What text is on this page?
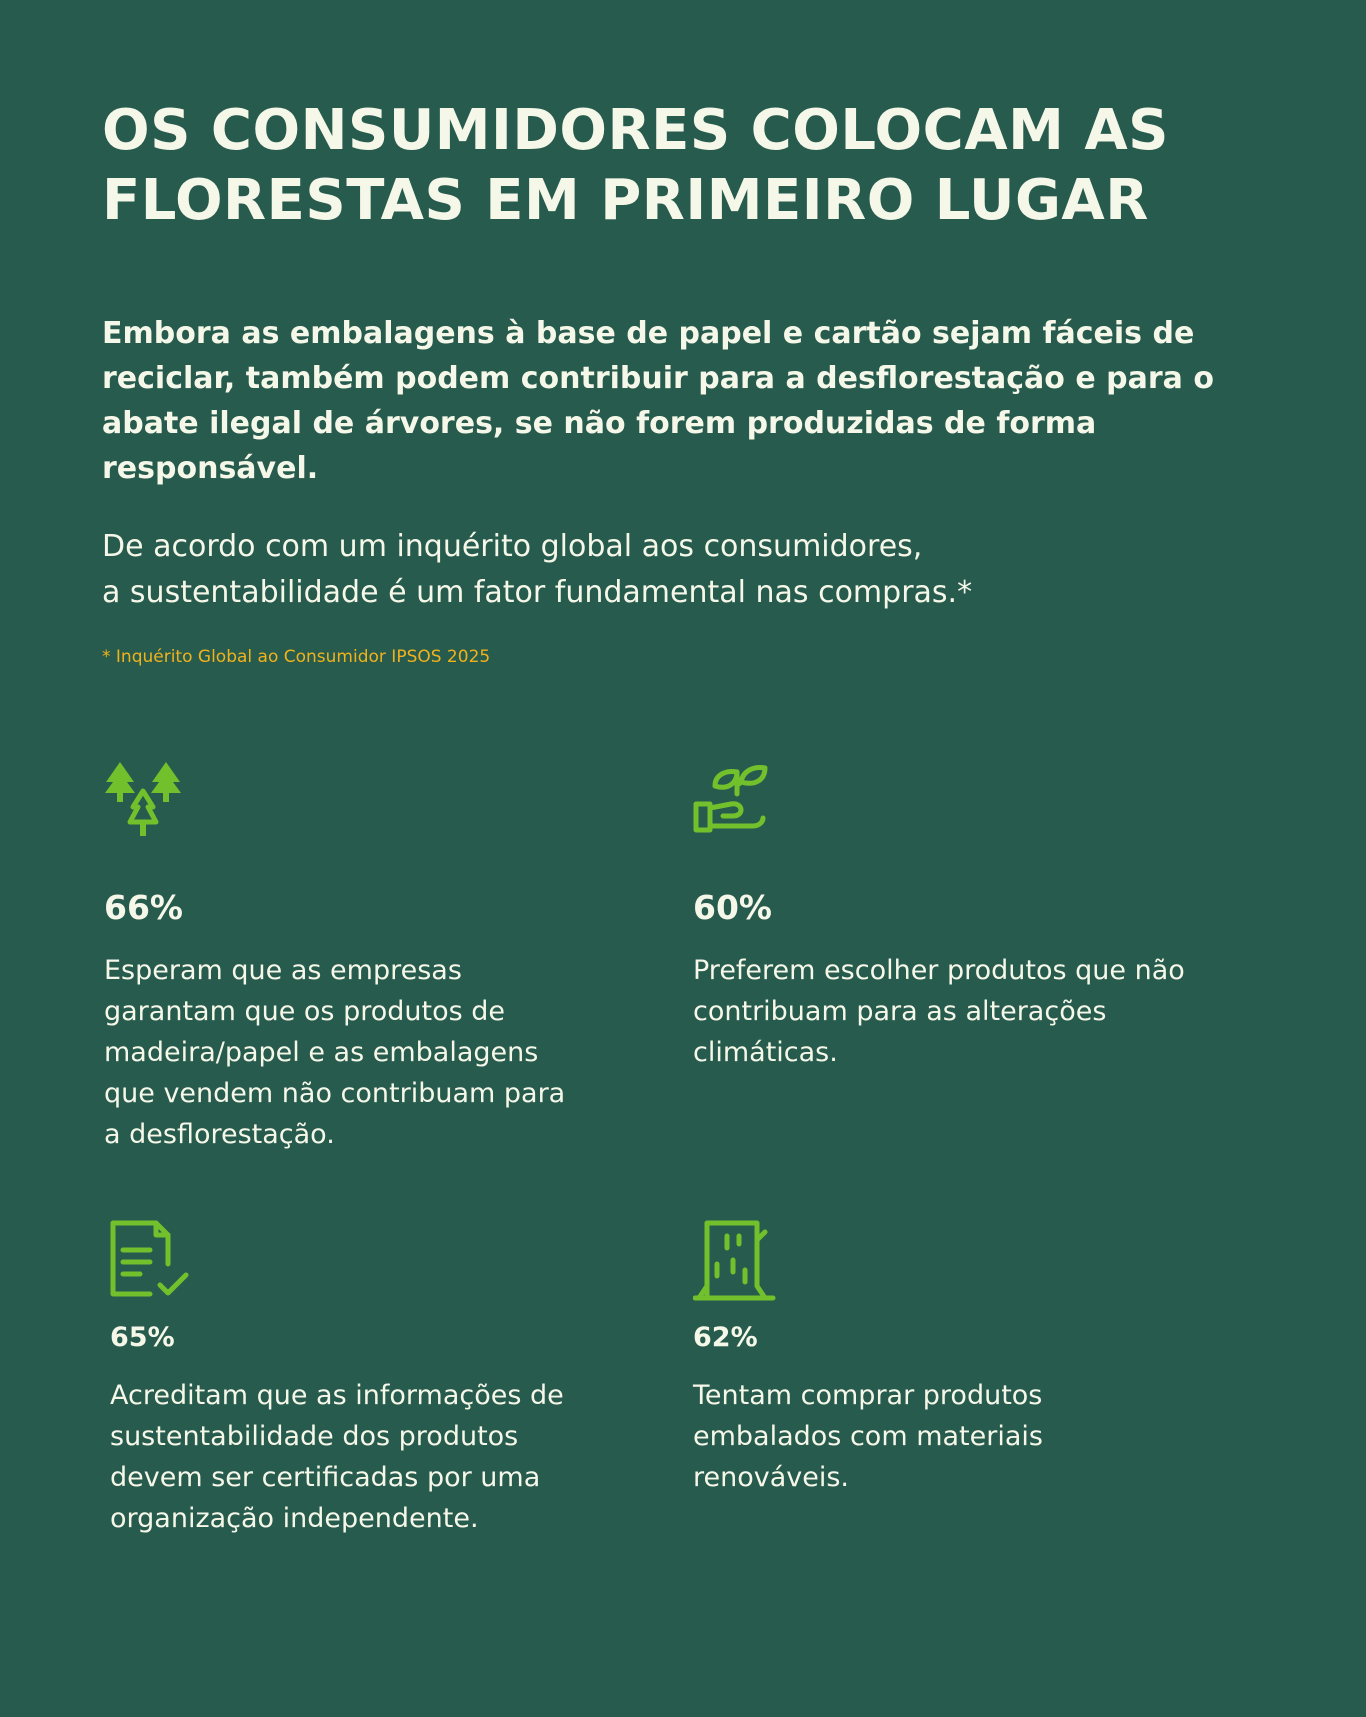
OS CONSUMIDORES COLOCAM AS
FLORESTAS EM PRIMEIRO LUGAR

Embora as embalagens à base de papel e cartão sejam fáceis de
reciclar, também podem contribuir para a desflorestação e para o
abate ilegal de árvores, se não forem produzidas de forma
responsável.

De acordo com um inquérito global aos consumidores,
a sustentabilidade é um fator fundamental nas compras.*

* Inquérito Global ao Consumidor IPSOS 2025
66%

Esperam que as empresas
garantam que os produtos de
madeira/papel e as embalagens
que vendem não contribuam para
a desflorestação.

60%

Preferem escolher produtos que não
contribuam para as alterações
climáticas.

65%

Acreditam que as informações de
sustentabilidade dos produtos
devem ser certificadas por uma
organização independente.

62%

Tentam comprar produtos
embalados com materiais
renováveis.
